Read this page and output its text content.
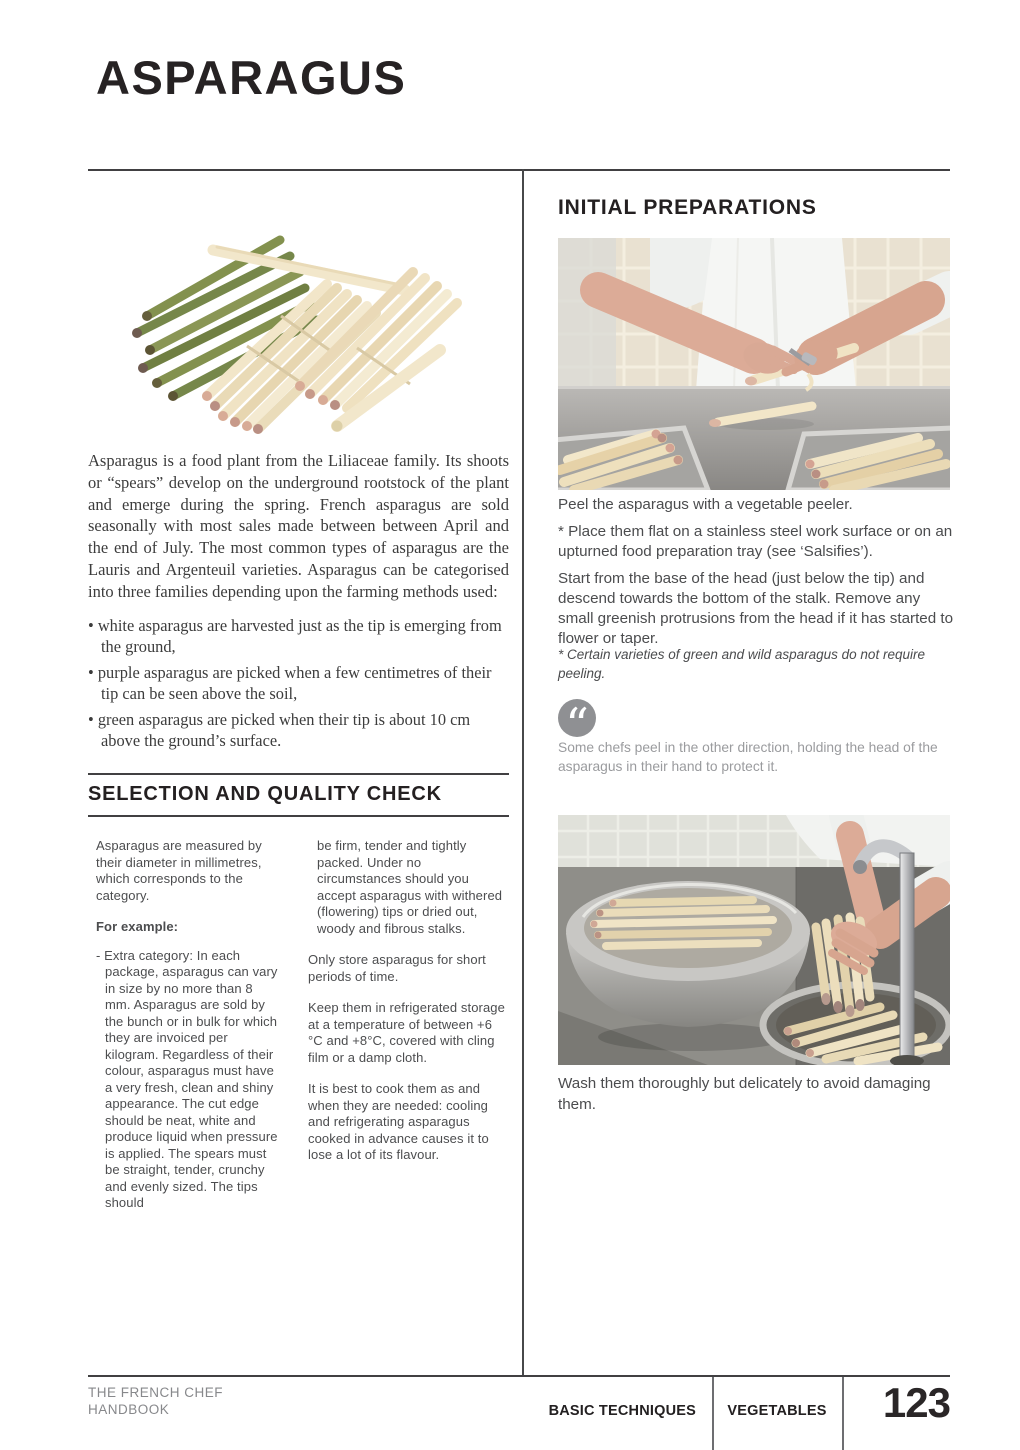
ASPARAGUS

Asparagus is a food plant from the Liliaceae family. Its shoots or “spears” develop on the underground rootstock of the plant and emerge during the spring. French asparagus are sold seasonally with most sales made between between April and the end of July. The most common types of asparagus are the Lauris and Argenteuil varieties. Asparagus can be categorised into three families depending upon the farming methods used:

• white asparagus are harvested just as the tip is emerging from the ground,
• purple asparagus are picked when a few centimetres of their tip can be seen above the soil,
• green asparagus are picked when their tip is about 10 cm above the ground’s surface.
SELECTION AND QUALITY CHECK

Asparagus are measured by their diameter in millimetres, which corresponds to the category.

For example:

- Extra category: In each package, asparagus can vary in size by no more than 8 mm. Asparagus are sold by the bunch or in bulk for which they are invoiced per kilogram. Regardless of their colour, asparagus must have a very fresh, clean and shiny appearance. The cut edge should be neat, white and produce liquid when pressure is applied. The spears must be straight, tender, crunchy and evenly sized. The tips should

be firm, tender and tightly packed. Under no circumstances should you accept asparagus with withered (flowering) tips or dried out, woody and fibrous stalks.

Only store asparagus for short periods of time.

Keep them in refrigerated storage at a temperature of between +6 °C and +8°C, covered with cling film or a damp cloth.

It is best to cook them as and when they are needed: cooling and refrigerating asparagus cooked in advance causes it to lose a lot of its flavour.

INITIAL PREPARATIONS

Peel the asparagus with a vegetable peeler.

* Place them flat on a stainless steel work surface or on an upturned food preparation tray (see ‘Salsifies’).

Start from the base of the head (just below the tip) and descend towards the bottom of the stalk. Remove any small greenish protrusions from the head if it has started to flower or taper.

* Certain varieties of green and wild asparagus do not require peeling.

“

Some chefs peel in the other direction, holding the head of the asparagus in their hand to protect it.

Wash them thoroughly but delicately to avoid damaging them.

THE FRENCH CHEF
HANDBOOK	BASIC TECHNIQUES	VEGETABLES	123
